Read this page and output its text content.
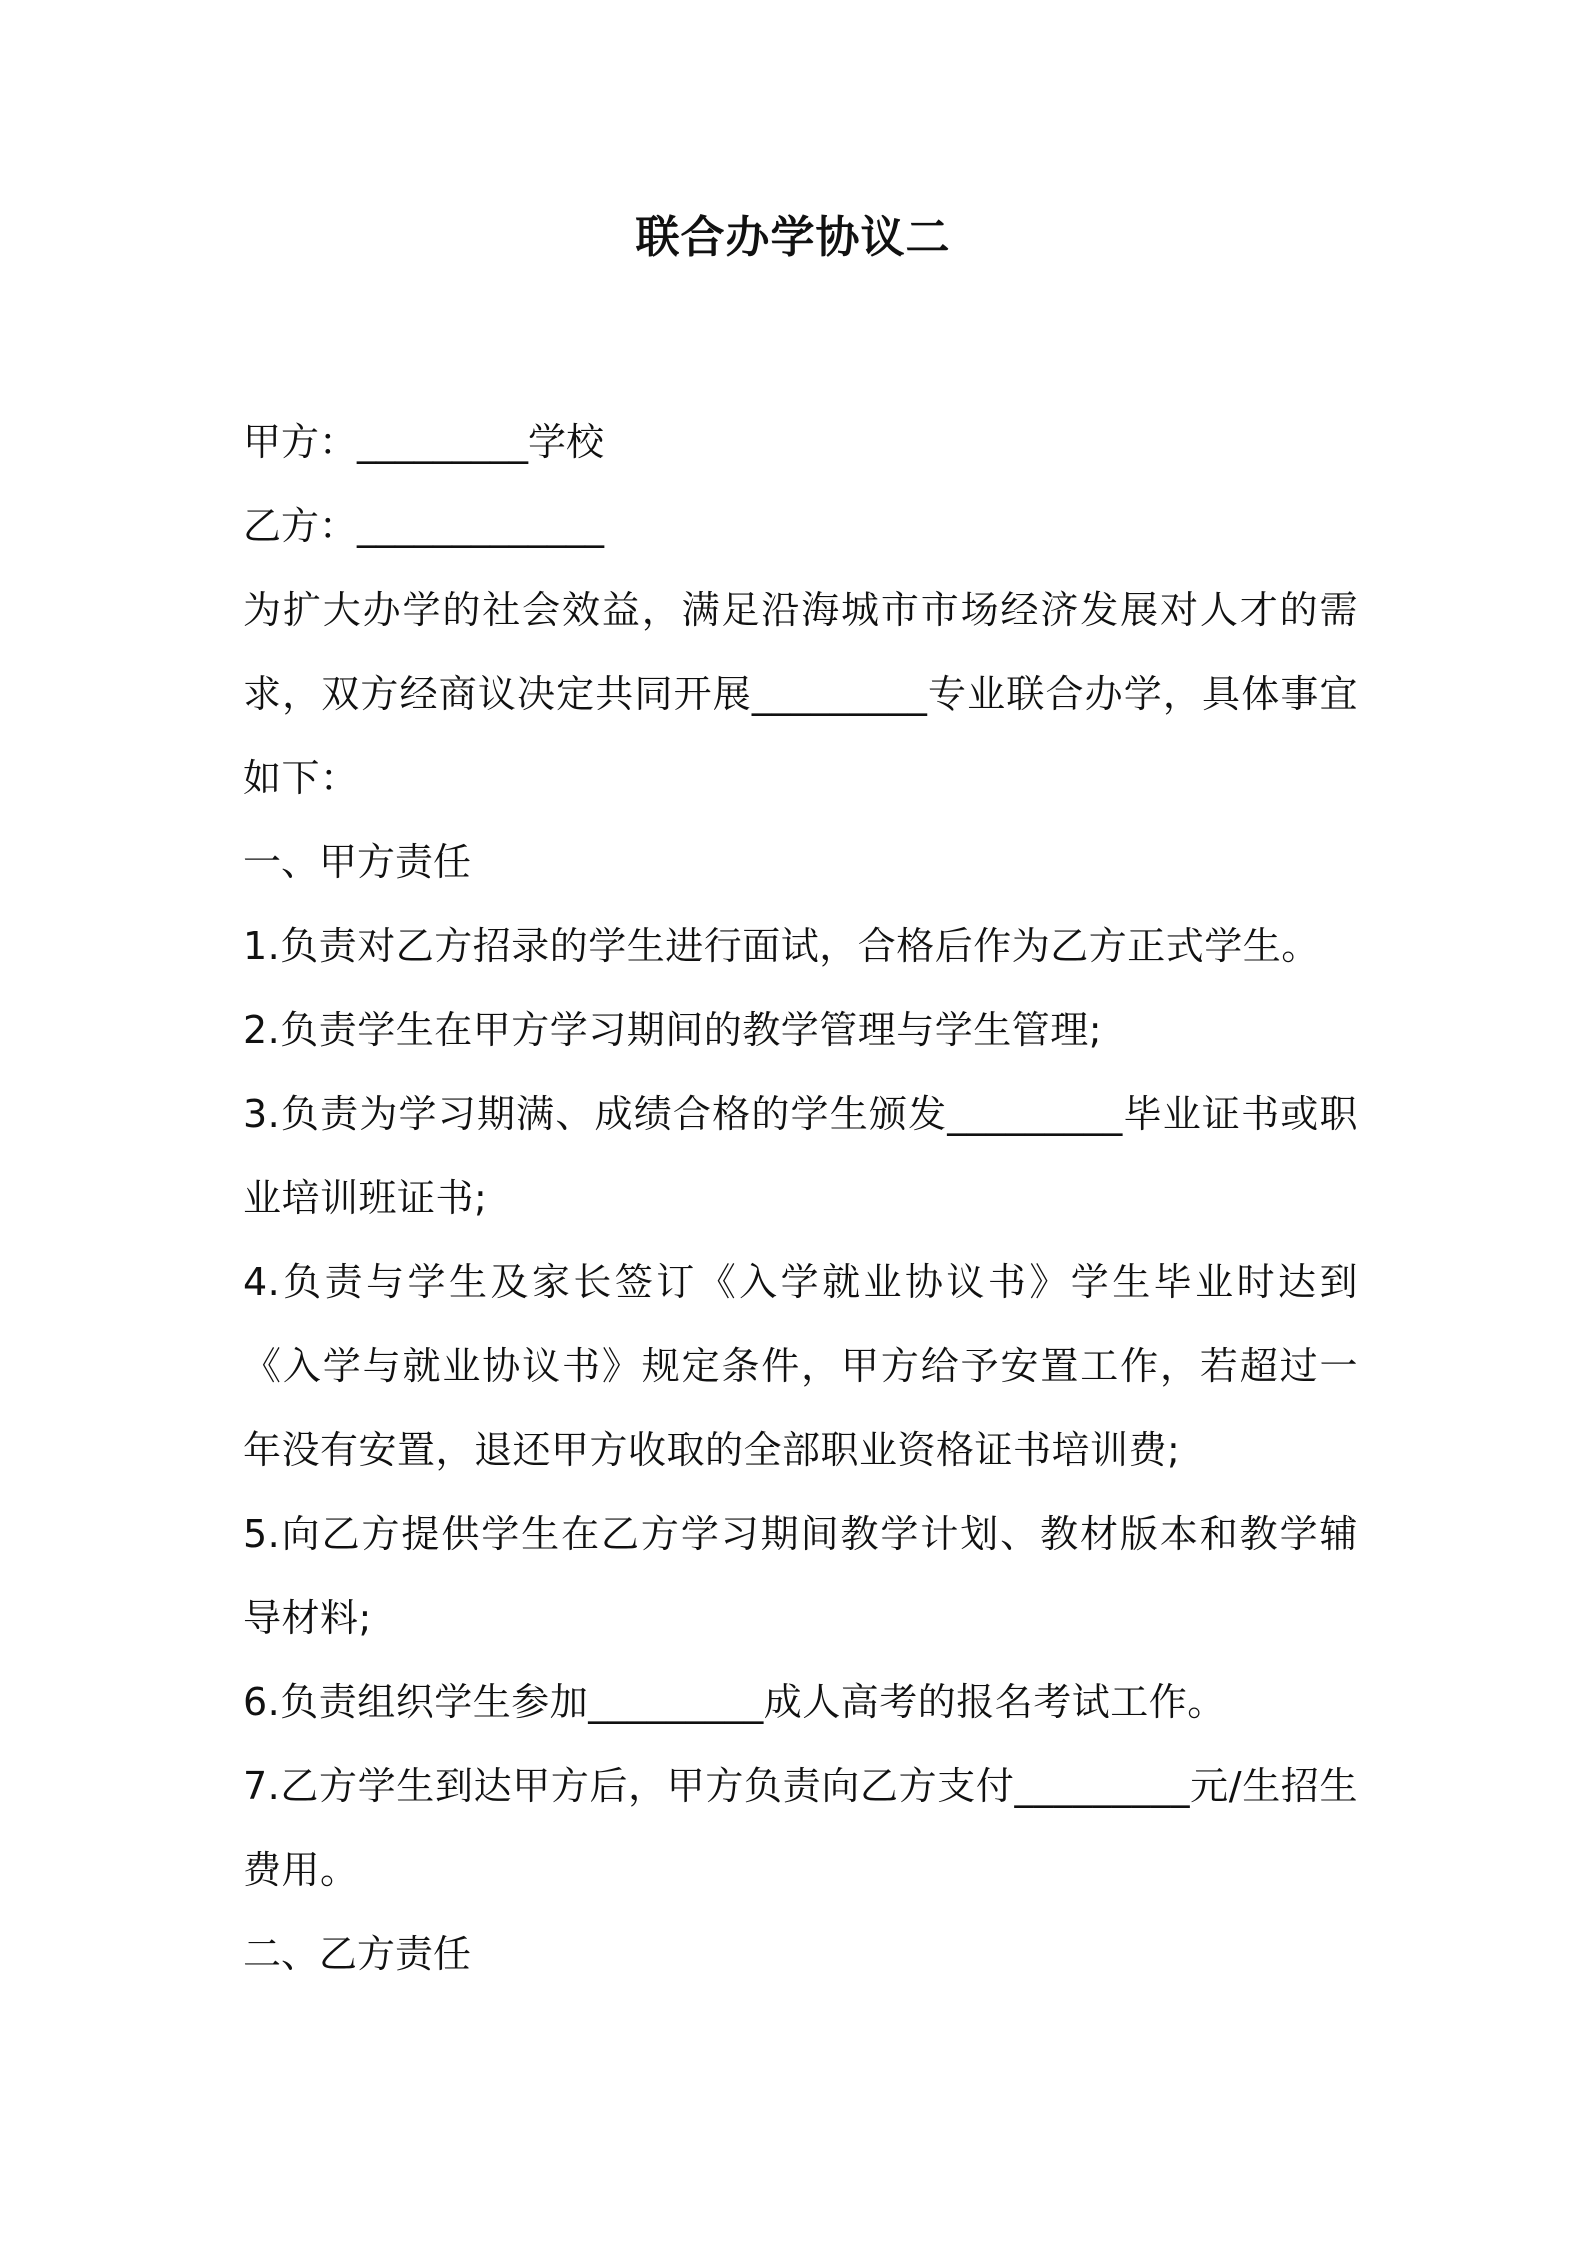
联合办学协议二

甲方：_________学校

乙方：_____________

为扩大办学的社会效益，满足沿海城市市场经济发展对人才的需求，双方经商议决定共同开展_________专业联合办学，具体事宜如下：

一、甲方责任

1.负责对乙方招录的学生进行面试，合格后作为乙方正式学生。

2.负责学生在甲方学习期间的教学管理与学生管理;

3.负责为学习期满、成绩合格的学生颁发_________毕业证书或职业培训班证书;

4.负责与学生及家长签订《入学就业协议书》学生毕业时达到《入学与就业协议书》规定条件，甲方给予安置工作，若超过一年没有安置，退还甲方收取的全部职业资格证书培训费;

5.向乙方提供学生在乙方学习期间教学计划、教材版本和教学辅导材料;

6.负责组织学生参加_________成人高考的报名考试工作。

7.乙方学生到达甲方后，甲方负责向乙方支付_________元/生招生费用。

二、乙方责任
